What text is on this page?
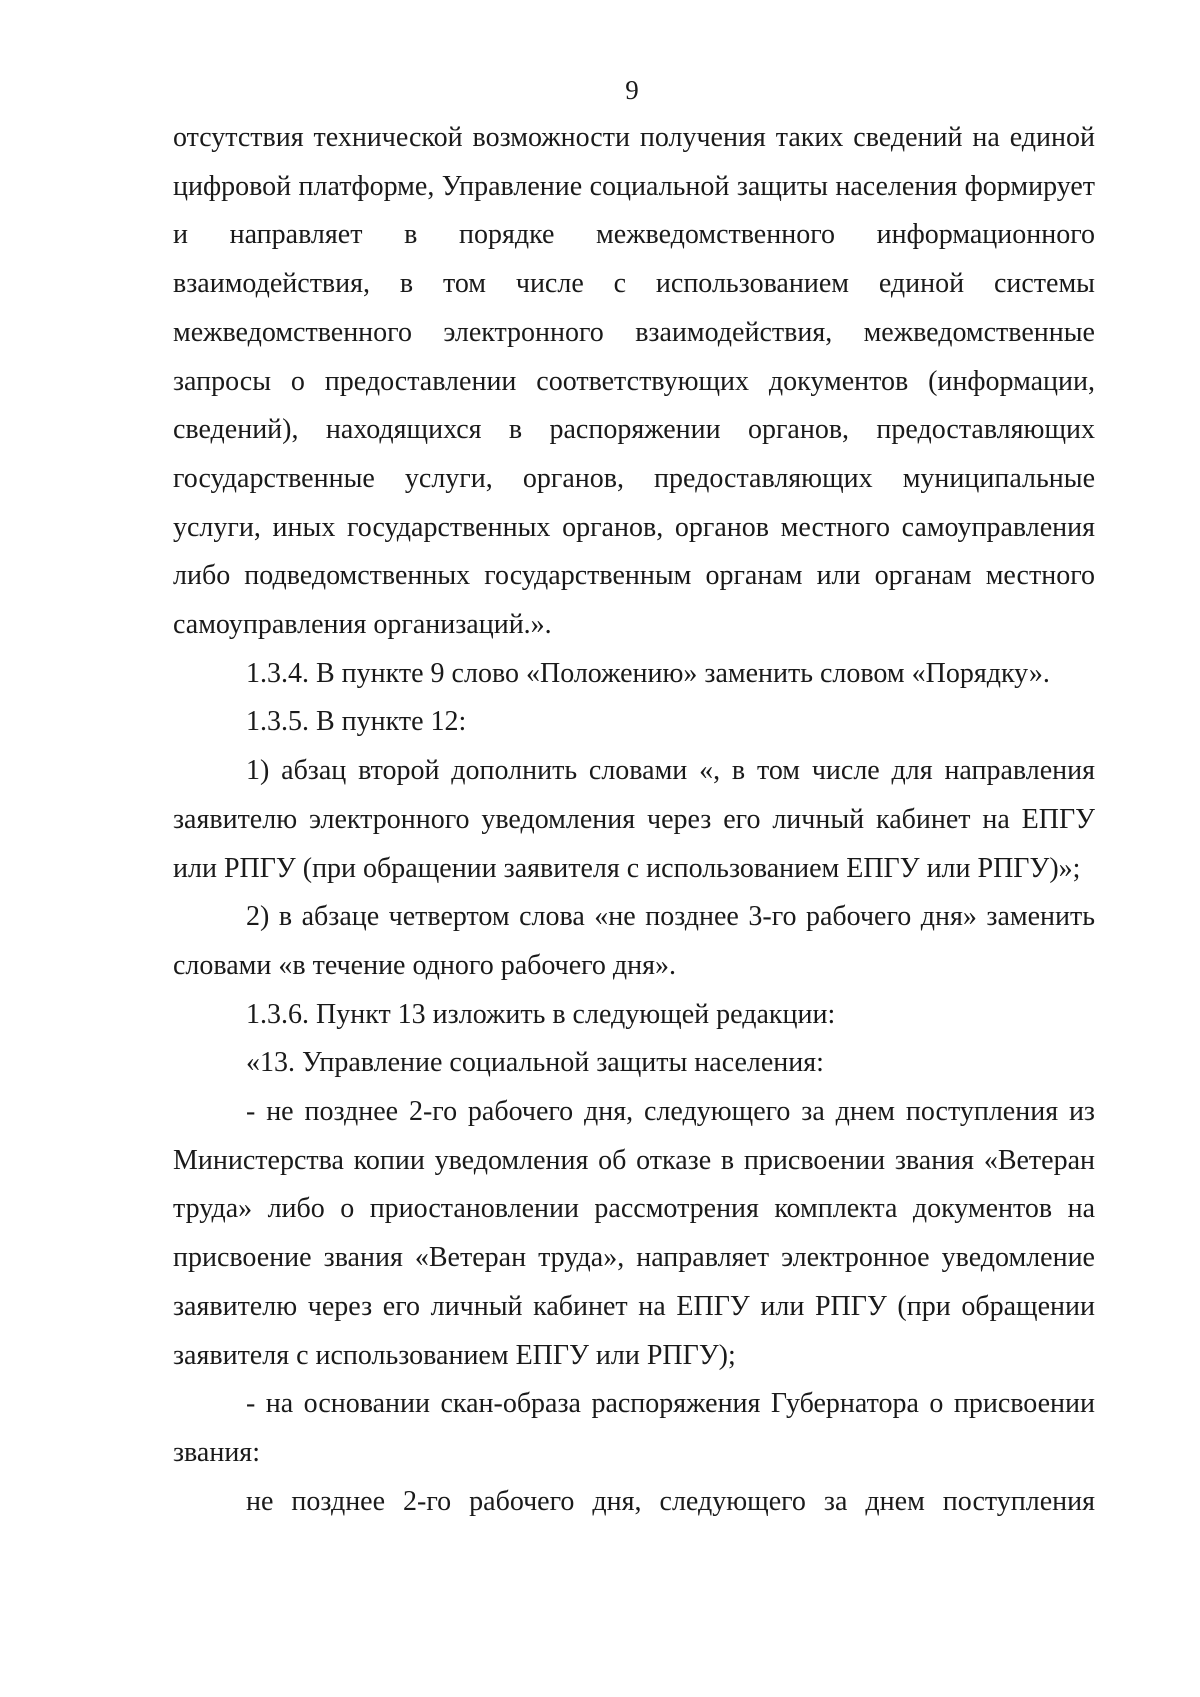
9

отсутствия технической возможности получения таких сведений на единой цифровой платформе, Управление социальной защиты населения формирует и направляет в порядке межведомственного информационного взаимодействия, в том числе с использованием единой системы межведомственного электронного взаимодействия, межведомственные запросы о предоставлении соответствующих документов (информации, сведений), находящихся в распоряжении органов, предоставляющих государственные услуги, органов, предоставляющих муниципальные услуги, иных государственных органов, органов местного самоуправления либо подведомственных государственным органам или органам местного самоуправления организаций.».

1.3.4. В пункте 9 слово «Положению» заменить словом «Порядку».

1.3.5. В пункте 12:

1) абзац второй дополнить словами «, в том числе для направления заявителю электронного уведомления через его личный кабинет на ЕПГУ или РПГУ (при обращении заявителя с использованием ЕПГУ или РПГУ)»;

2) в абзаце четвертом слова «не позднее 3-го рабочего дня» заменить словами «в течение одного рабочего дня».

1.3.6. Пункт 13 изложить в следующей редакции:

«13. Управление социальной защиты населения:

- не позднее 2-го рабочего дня, следующего за днем поступления из Министерства копии уведомления об отказе в присвоении звания «Ветеран труда» либо о приостановлении рассмотрения комплекта документов на присвоение звания «Ветеран труда», направляет электронное уведомление заявителю через его личный кабинет на ЕПГУ или РПГУ (при обращении заявителя с использованием ЕПГУ или РПГУ);

- на основании скан-образа распоряжения Губернатора о присвоении звания:

не позднее 2-го рабочего дня, следующего за днем поступления
